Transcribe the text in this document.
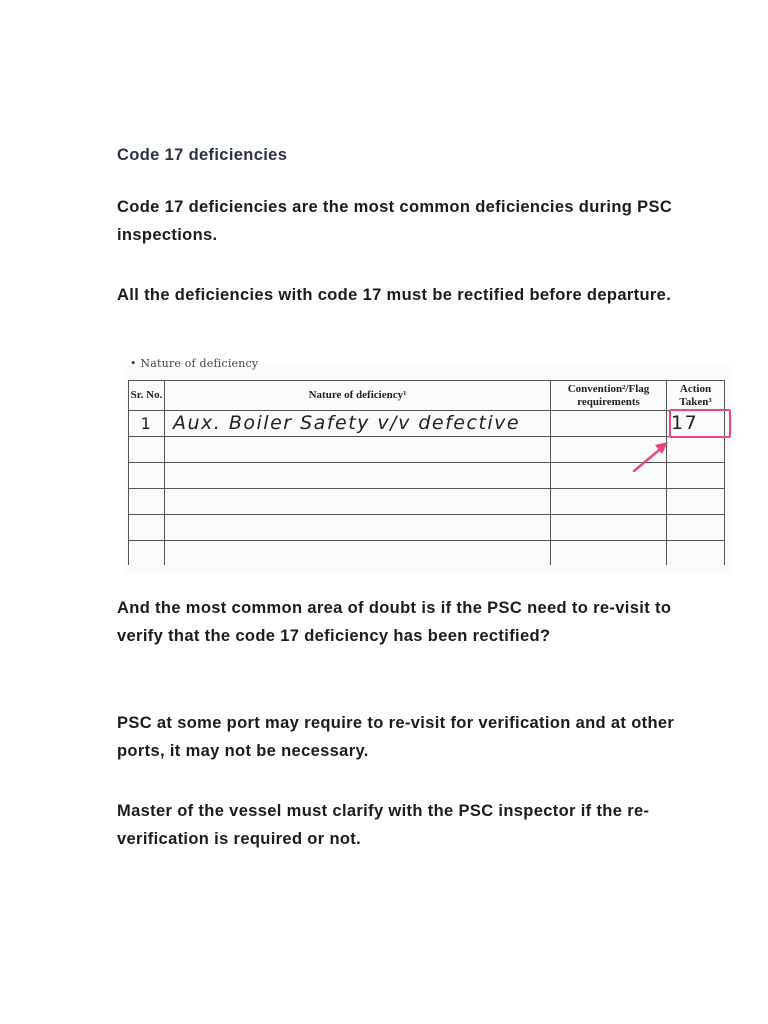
Code 17 deficiencies

Code 17 deficiencies are the most common deficiencies during PSC inspections.

All the deficiencies with code 17 must be rectified before departure.

• Nature of deficiency
Sr. No.	Nature of deficiency¹	Convention²/Flag requirements	Action Taken³
1	Aux. Boiler Safety v/v defective		17

And the most common area of doubt is if the PSC need to re-visit to verify that the code 17 deficiency has been rectified?

PSC at some port may require to re-visit for verification and at other ports, it may not be necessary.

Master of the vessel must clarify with the PSC inspector if the re-verification is required or not.
